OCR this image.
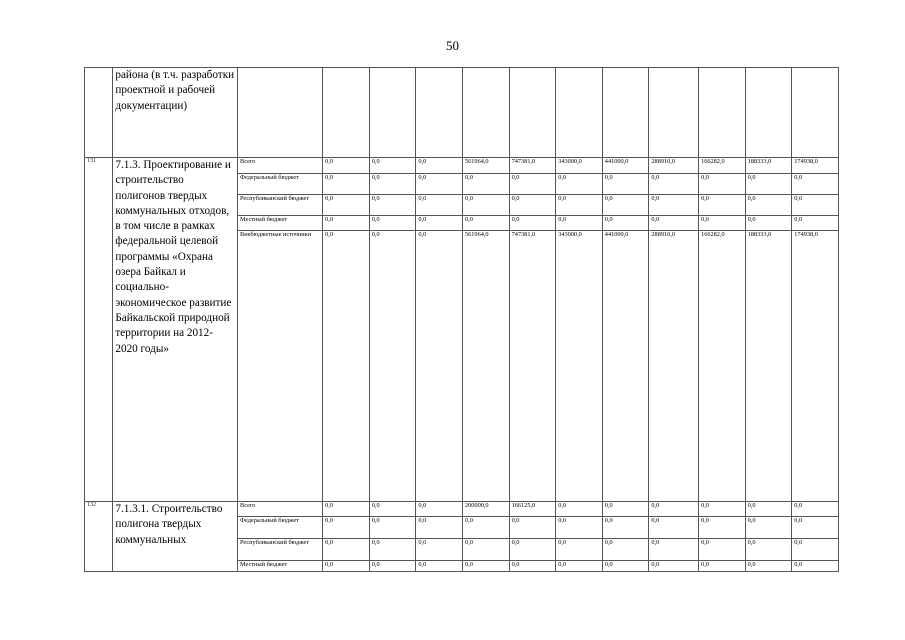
50
	района (в т.ч. разработки проектной и рабочей документации)												
131	7.1.3. Проектирование и строительство полигонов твердых коммунальных отходов, в том числе в рамках федеральной целевой программы «Охрана озера Байкал и социально-экономическое развитие Байкальской природной территории на 2012-2020 годы»	Всего	0,0	0,0	0,0	561964,0	747381,0	343000,0	441000,0	288910,0	166282,0	188333,0	174938,0
		Федеральный бюджет	0,0	0,0	0,0	0,0	0,0	0,0	0,0	0,0	0,0	0,0	0,0
		Республиканский бюджет	0,0	0,0	0,0	0,0	0,0	0,0	0,0	0,0	0,0	0,0	0,0
		Местный бюджет	0,0	0,0	0,0	0,0	0,0	0,0	0,0	0,0	0,0	0,0	0,0
		Внебюджетные источники	0,0	0,0	0,0	561964,0	747381,0	343000,0	441000,0	288910,0	166282,0	188333,0	174938,0
132	7.1.3.1. Строительство полигона твердых коммунальных	Всего	0,0	0,0	0,0	200000,0	166125,0	0,0	0,0	0,0	0,0	0,0	0,0
		Федеральный бюджет	0,0	0,0	0,0	0,0	0,0	0,0	0,0	0,0	0,0	0,0	0,0
		Республиканский бюджет	0,0	0,0	0,0	0,0	0,0	0,0	0,0	0,0	0,0	0,0	0,0
		Местный бюджет	0,0	0,0	0,0	0,0	0,0	0,0	0,0	0,0	0,0	0,0	0,0
